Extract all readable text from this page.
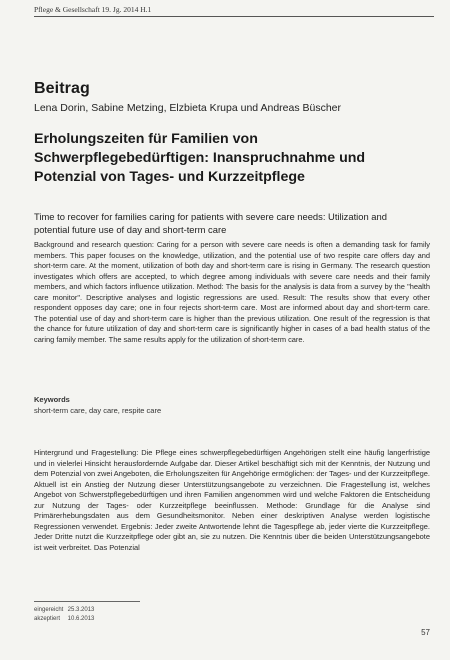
Pflege & Gesellschaft 19. Jg. 2014 H.1
Beitrag
Lena Dorin, Sabine Metzing, Elzbieta Krupa und Andreas Büscher
Erholungszeiten für Familien von Schwerpflegebedürftigen: Inanspruchnahme und Potenzial von Tages- und Kurzzeitpflege
Time to recover for families caring for patients with severe care needs: Utilization and potential future use of day and short-term care
Background and research question: Caring for a person with severe care needs is often a demanding task for family members. This paper focuses on the knowledge, utilization, and the potential use of two respite care offers day and short-term care. At the moment, utilization of both day and short-term care is rising in Germany. The research question investigates which offers are accepted, to which degree among individuals with severe care needs and their family members, and which factors influence utilization. Method: The basis for the analysis is data from a survey by the "health care monitor". Descriptive analyses and logistic regressions are used. Result: The results show that every other respondent opposes day care; one in four rejects short-term care. Most are informed about day and short-term care. The potential use of day and short-term care is higher than the previous utilization. One result of the regression is that the chance for future utilization of day and short-term care is significantly higher in cases of a bad health status of the caring family member. The same results apply for the utilization of short-term care.
Keywords
short-term care, day care, respite care
Hintergrund und Fragestellung: Die Pflege eines schwerpflegebedürftigen Angehörigen stellt eine häufig langerfristige und in vielerlei Hinsicht herausfordernde Aufgabe dar. Dieser Artikel beschäftigt sich mit der Kenntnis, der Nutzung und dem Potenzial von zwei Angeboten, die Erholungszeiten für Angehörige ermöglichen: der Tages- und der Kurzzeitpflege. Aktuell ist ein Anstieg der Nutzung dieser Unterstützungsangebote zu verzeichnen. Die Fragestellung ist, welches Angebot von Schwerstpflegebedürftigen und ihren Familien angenommen wird und welche Faktoren die Entscheidung zur Nutzung der Tages- oder Kurzzeitpflege beeinflussen. Methode: Grundlage für die Analyse sind Primärerhebungsdaten aus dem Gesundheitsmonitor. Neben einer deskriptiven Analyse werden logistische Regressionen verwendet. Ergebnis: Jeder zweite Antwortende lehnt die Tagespflege ab, jeder vierte die Kurzzeitpflege. Jeder Dritte nutzt die Kurzzeitpflege oder gibt an, sie zu nutzen. Die Kenntnis über die beiden Unterstützungsangebote ist weit verbreitet. Das Potenzial
eingereicht 25.3.2013
akzeptiert 10.6.2013
57
